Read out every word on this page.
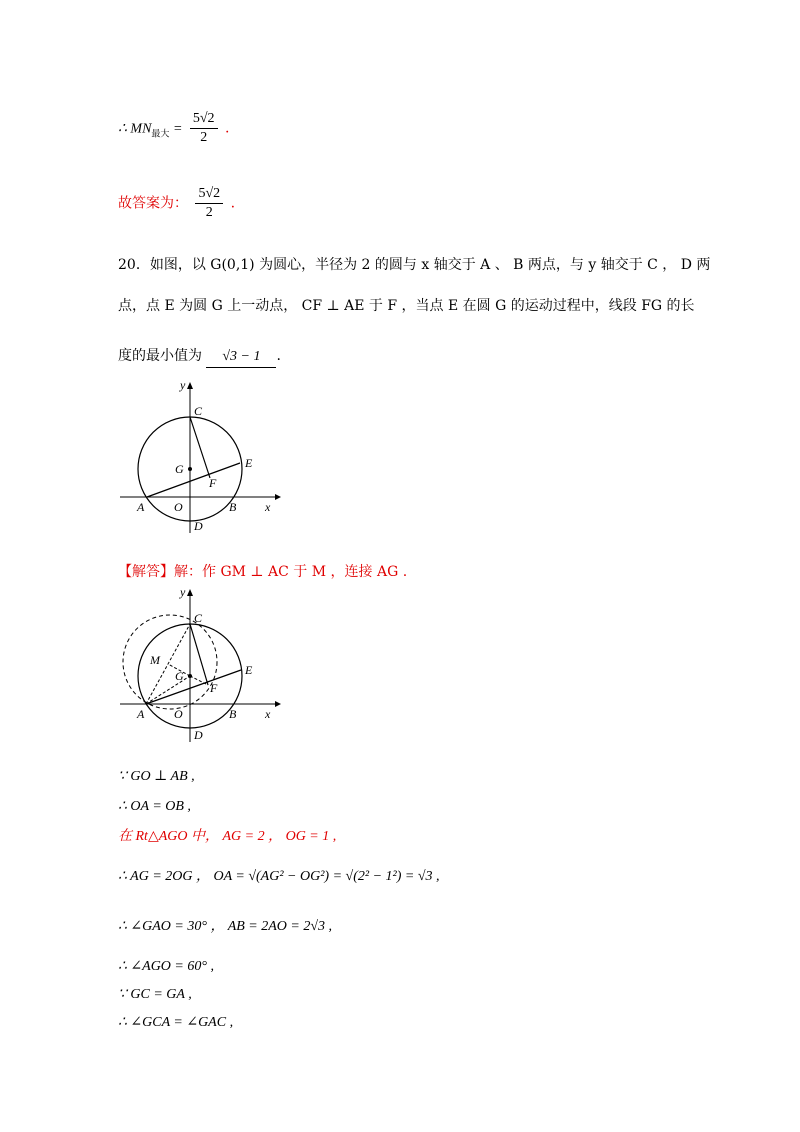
∴ $MN_{最大} = \frac{5√2}{2}$ .
故答案为： $\frac{5√2}{2}$ .
20．如图，以 G(0,1) 为圆心，半径为 2 的圆与 x 轴交于 A 、 B 两点，与 y 轴交于 C ， D 两
点，点 E 为圆 G 上一动点， CF ⊥ AE 于 F ，当点 E 在圆 G 的运动过程中，线段 FG 的长
度的最小值为 √3 − 1 .
y
C
G	E
F
A O	B x
D
【解答】解：作 GM ⊥ AC 于 M ，连接 AG .
y
C
M
G	E
F
A O	B x
D
∵ GO ⊥ AB ,
∴ OA = OB ,
在 Rt△AGO 中， AG = 2 ， OG = 1 ,
∴ AG = 2OG ， OA = √(AG² − OG²) = √(2² − 1²) = √3 ,
∴ ∠GAO = 30° ， AB = 2AO = 2√3 ,
∴ ∠AGO = 60° ,
∵ GC = GA ,
∴ ∠GCA = ∠GAC ,
